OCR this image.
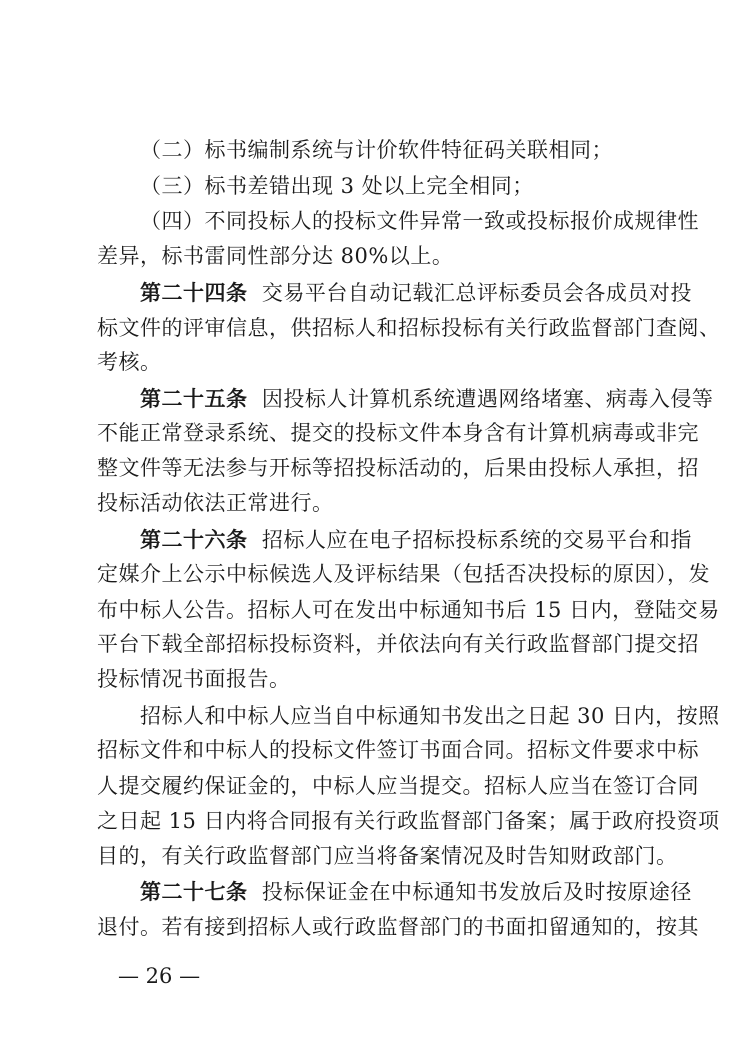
（二）标书编制系统与计价软件特征码关联相同；
（三）标书差错出现 3 处以上完全相同；
（四）不同投标人的投标文件异常一致或投标报价成规律性
差异，标书雷同性部分达 80%以上。
第二十四条 交易平台自动记载汇总评标委员会各成员对投
标文件的评审信息，供招标人和招标投标有关行政监督部门查阅、
考核。
第二十五条 因投标人计算机系统遭遇网络堵塞、病毒入侵等
不能正常登录系统、提交的投标文件本身含有计算机病毒或非完
整文件等无法参与开标等招投标活动的，后果由投标人承担，招
投标活动依法正常进行。
第二十六条 招标人应在电子招标投标系统的交易平台和指
定媒介上公示中标候选人及评标结果（包括否决投标的原因），发
布中标人公告。招标人可在发出中标通知书后 15 日内，登陆交易
平台下载全部招标投标资料，并依法向有关行政监督部门提交招
投标情况书面报告。
招标人和中标人应当自中标通知书发出之日起 30 日内，按照
招标文件和中标人的投标文件签订书面合同。招标文件要求中标
人提交履约保证金的，中标人应当提交。招标人应当在签订合同
之日起 15 日内将合同报有关行政监督部门备案；属于政府投资项
目的，有关行政监督部门应当将备案情况及时告知财政部门。
第二十七条 投标保证金在中标通知书发放后及时按原途径
退付。若有接到招标人或行政监督部门的书面扣留通知的，按其
— 26 —
